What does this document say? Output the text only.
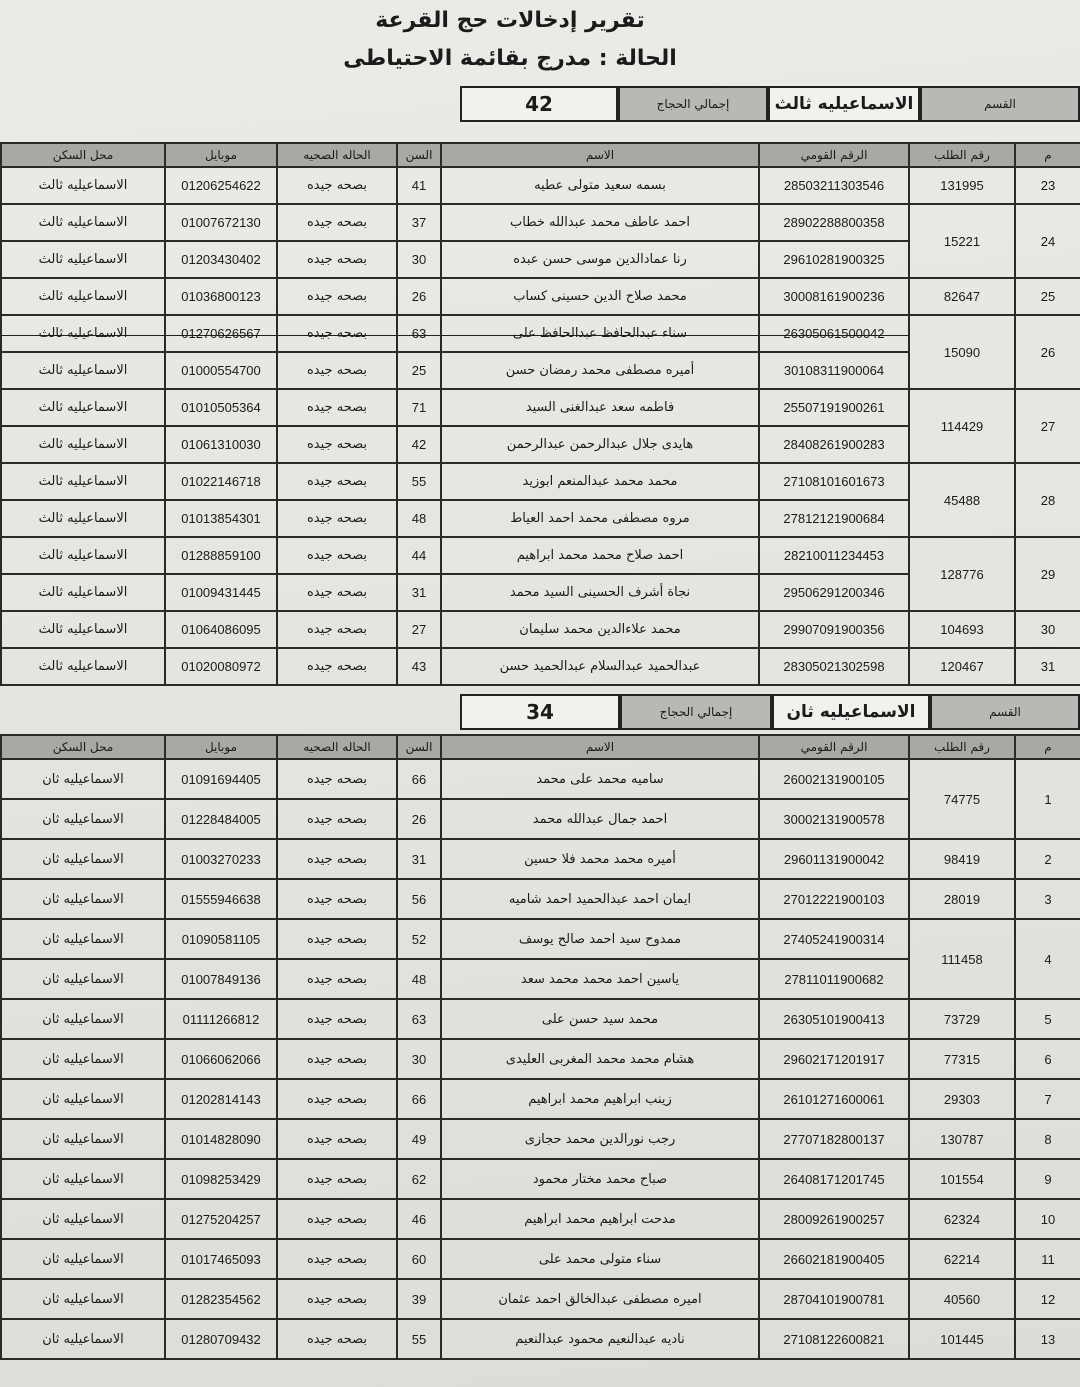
تقرير إدخالات حج القرعة
الحالة : مدرج بقائمة الاحتياطى
42	إجمالي الحجاج	الاسماعيليه ثالث	القسم
م	رقم الطلب	الرقم القومي	الاسم	السن	الحاله الصحيه	موبايل	محل السكن
23	131995	28503211303546	بسمه سعيد متولى عطيه	41	بصحه جيده	01206254622	الاسماعيليه ثالث
24	15221	28902288800358	احمد عاطف محمد عبدالله خطاب	37	بصحه جيده	01007672130	الاسماعيليه ثالث
		29610281900325	رنا عمادالدين موسى حسن عبده	30	بصحه جيده	01203430402	الاسماعيليه ثالث
25	82647	30008161900236	محمد صلاح الدين حسينى كساب	26	بصحه جيده	01036800123	الاسماعيليه ثالث
26	15090	26305061500042	سناء عبدالحافظ عبدالحافظ على	63	بصحه جيده	01270626567	الاسماعيليه ثالث
		30108311900064	أميره مصطفى محمد رمضان حسن	25	بصحه جيده	01000554700	الاسماعيليه ثالث
27	114429	25507191900261	فاطمه سعد عبدالغنى السيد	71	بصحه جيده	01010505364	الاسماعيليه ثالث
		28408261900283	هايدى جلال عبدالرحمن عبدالرحمن	42	بصحه جيده	01061310030	الاسماعيليه ثالث
28	45488	27108101601673	محمد محمد عبدالمنعم ابوزيد	55	بصحه جيده	01022146718	الاسماعيليه ثالث
		27812121900684	مروه مصطفى محمد احمد العياط	48	بصحه جيده	01013854301	الاسماعيليه ثالث
29	128776	28210011234453	احمد صلاح محمد محمد ابراهيم	44	بصحه جيده	01288859100	الاسماعيليه ثالث
		29506291200346	نجاة أشرف الحسينى السيد محمد	31	بصحه جيده	01009431445	الاسماعيليه ثالث
30	104693	29907091900356	محمد علاءالدين محمد سليمان	27	بصحه جيده	01064086095	الاسماعيليه ثالث
31	120467	28305021302598	عبدالحميد عبدالسلام عبدالحميد حسن	43	بصحه جيده	01020080972	الاسماعيليه ثالث
34	إجمالي الحجاج	الاسماعيليه ثان	القسم
م	رقم الطلب	الرقم القومي	الاسم	السن	الحاله الصحيه	موبايل	محل السكن
1	74775	26002131900105	ساميه محمد على محمد	66	بصحه جيده	01091694405	الاسماعيليه ثان
		30002131900578	احمد جمال عبدالله محمد	26	بصحه جيده	01228484005	الاسماعيليه ثان
2	98419	29601131900042	أميره محمد محمد فلا حسين	31	بصحه جيده	01003270233	الاسماعيليه ثان
3	28019	27012221900103	ايمان احمد عبدالحميد احمد شاميه	56	بصحه جيده	01555946638	الاسماعيليه ثان
4	111458	27405241900314	ممدوح سيد احمد صالح يوسف	52	بصحه جيده	01090581105	الاسماعيليه ثان
		27811011900682	ياسين احمد محمد محمد سعد	48	بصحه جيده	01007849136	الاسماعيليه ثان
5	73729	26305101900413	محمد سيد حسن على	63	بصحه جيده	01111266812	الاسماعيليه ثان
6	77315	29602171201917	هشام محمد محمد المغربى العليدى	30	بصحه جيده	01066062066	الاسماعيليه ثان
7	29303	26101271600061	زينب ابراهيم محمد ابراهيم	66	بصحه جيده	01202814143	الاسماعيليه ثان
8	130787	27707182800137	رجب نورالدين محمد حجازى	49	بصحه جيده	01014828090	الاسماعيليه ثان
9	101554	26408171201745	صباح محمد مختار محمود	62	بصحه جيده	01098253429	الاسماعيليه ثان
10	62324	28009261900257	مدحت ابراهيم محمد ابراهيم	46	بصحه جيده	01275204257	الاسماعيليه ثان
11	62214	26602181900405	سناء متولى محمد على	60	بصحه جيده	01017465093	الاسماعيليه ثان
12	40560	28704101900781	اميره مصطفى عبدالخالق احمد عثمان	39	بصحه جيده	01282354562	الاسماعيليه ثان
13	101445	27108122600821	ناديه عبدالنعيم محمود عبدالنعيم	55	بصحه جيده	01280709432	الاسماعيليه ثان
